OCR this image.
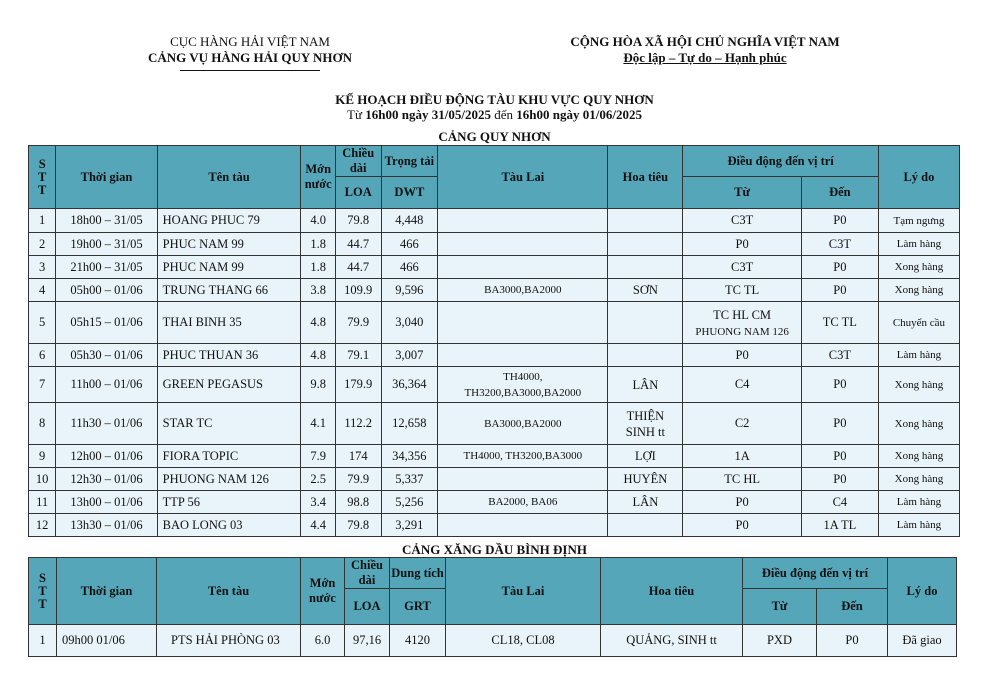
CỤC HÀNG HẢI VIỆT NAM
CẢNG VỤ HÀNG HẢI QUY NHƠN
CỘNG HÒA XÃ HỘI CHỦ NGHĨA VIỆT NAM
Độc lập – Tự do – Hạnh phúc
KẾ HOẠCH ĐIỀU ĐỘNG TÀU KHU VỰC QUY NHƠN
Từ 16h00 ngày 31/05/2025 đến 16h00 ngày 01/06/2025
CẢNG QUY NHƠN
S
T
T	Thời gian	Tên tàu	Mớn nước	Chiều dài	Trọng tải	Tàu Lai	Hoa tiêu	Điều động đến vị trí		Lý do
				LOA	DWT			Từ	Đến	
1	18h00 – 31/05	HOANG PHUC 79	4.0	79.8	4,448			C3T	P0	Tạm ngưng
2	19h00 – 31/05	PHUC NAM 99	1.8	44.7	466			P0	C3T	Làm hàng
3	21h00 – 31/05	PHUC NAM 99	1.8	44.7	466			C3T	P0	Xong hàng
4	05h00 – 01/06	TRUNG THANG 66	3.8	109.9	9,596	BA3000,BA2000	SƠN	TC TL	P0	Xong hàng
5	05h15 – 01/06	THAI BINH 35	4.8	79.9	3,040			TC HL CM
PHUONG NAM 126	TC TL	Chuyển cầu
6	05h30 – 01/06	PHUC THUAN 36	4.8	79.1	3,007			P0	C3T	Làm hàng
7	11h00 – 01/06	GREEN PEGASUS	9.8	179.9	36,364	TH4000,
TH3200,BA3000,BA2000	LÂN	C4	P0	Xong hàng
8	11h30 – 01/06	STAR TC	4.1	112.2	12,658	BA3000,BA2000	THIỆN
SINH tt	C2	P0	Xong hàng
9	12h00 – 01/06	FIORA TOPIC	7.9	174	34,356	TH4000, TH3200,BA3000	LỢI	1A	P0	Xong hàng
10	12h30 – 01/06	PHUONG NAM 126	2.5	79.9	5,337		HUYÊN	TC HL	P0	Xong hàng
11	13h00 – 01/06	TTP 56	3.4	98.8	5,256	BA2000, BA06	LÂN	P0	C4	Làm hàng
12	13h30 – 01/06	BAO LONG 03	4.4	79.8	3,291			P0	1A TL	Làm hàng
CẢNG XĂNG DẦU BÌNH ĐỊNH
S
T
T	Thời gian	Tên tàu	Mớn nước	Chiều dài	Dung tích	Tàu Lai	Hoa tiêu	Điều động đến vị trí		Lý do
				LOA	GRT			Từ	Đến	
1	09h00 01/06	PTS HẢI PHÒNG 03	6.0	97,16	4120	CL18, CL08	QUẢNG, SINH tt	PXD	P0	Đã giao
